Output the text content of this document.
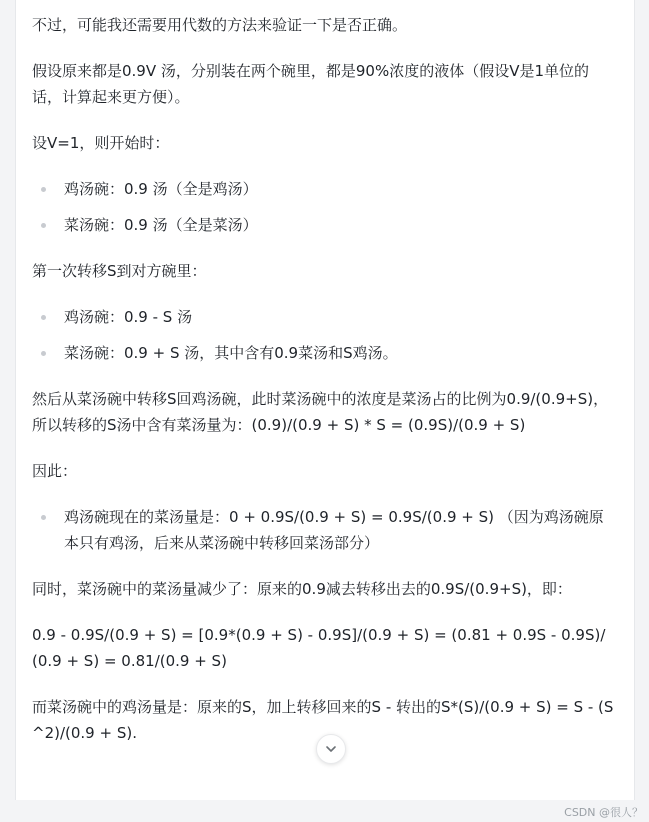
不过，可能我还需要用代数的方法来验证一下是否正确。

假设原来都是0.9V 汤，分别装在两个碗里，都是90%浓度的液体（假设V是1单位的话，计算起来更方便）。

设V=1，则开始时：

鸡汤碗：0.9 汤（全是鸡汤）
菜汤碗：0.9 汤（全是菜汤）

第一次转移S到对方碗里：

鸡汤碗：0.9 - S 汤
菜汤碗：0.9 + S 汤，其中含有0.9菜汤和S鸡汤。

然后从菜汤碗中转移S回鸡汤碗，此时菜汤碗中的浓度是菜汤占的比例为0.9/(0.9+S)，所以转移的S汤中含有菜汤量为：(0.9)/(0.9 + S) * S = (0.9S)/(0.9 + S)

因此：

鸡汤碗现在的菜汤量是：0 + 0.9S/(0.9 + S) = 0.9S/(0.9 + S) （因为鸡汤碗原本只有鸡汤，后来从菜汤碗中转移回菜汤部分）

同时，菜汤碗中的菜汤量减少了：原来的0.9减去转移出去的0.9S/(0.9+S)，即：

0.9 - 0.9S/(0.9 + S) = [0.9*(0.9 + S) - 0.9S]/(0.9 + S) = (0.81 + 0.9S - 0.9S)/(0.9 + S) = 0.81/(0.9 + S)

而菜汤碗中的鸡汤量是：原来的S，加上转移回来的S - 转出的S*(S)/(0.9 + S) = S - (S^2)/(0.9 + S).

CSDN @很人？
